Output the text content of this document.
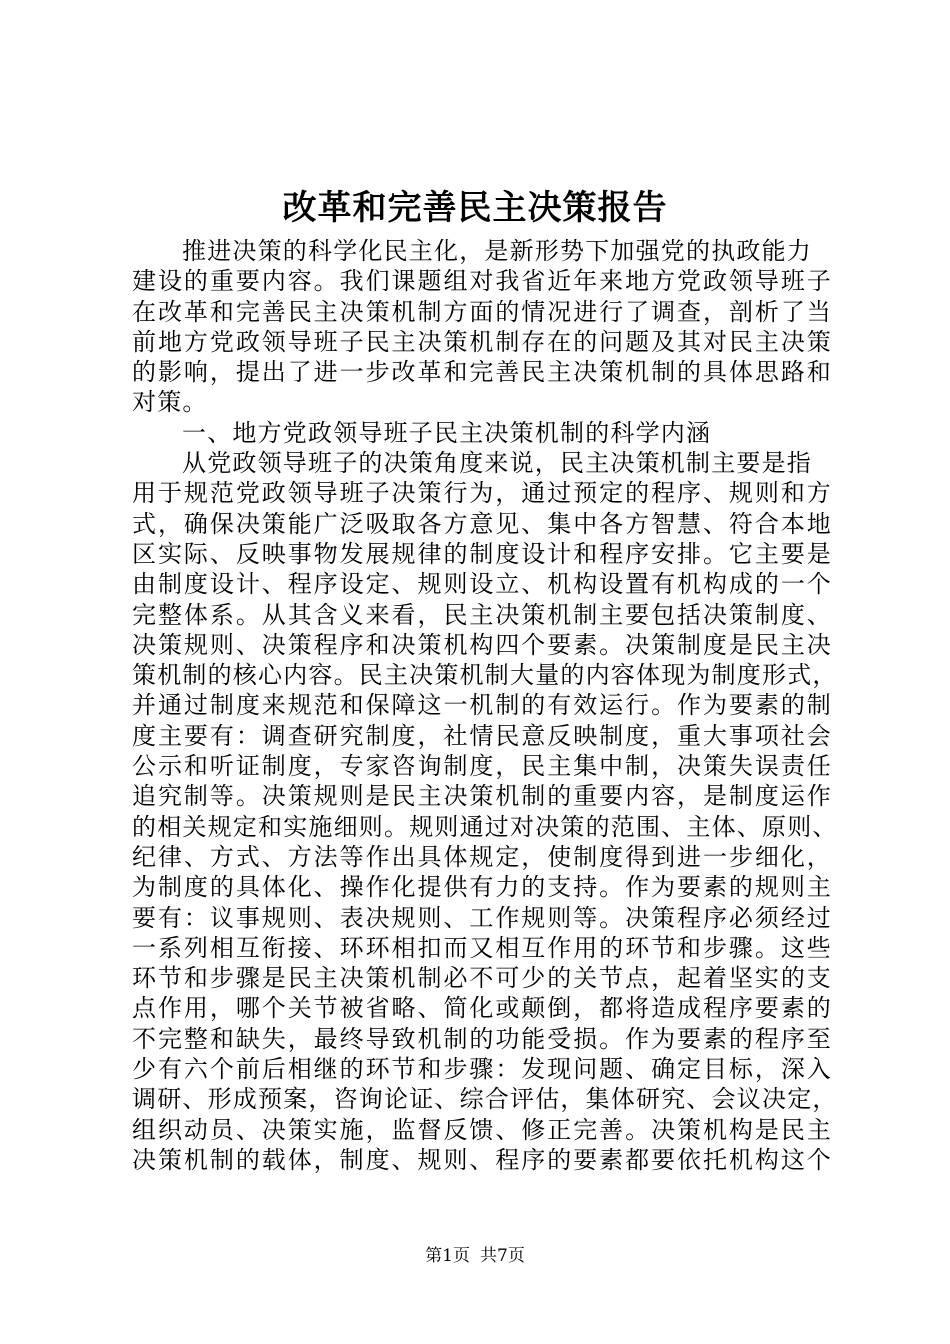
改革和完善民主决策报告
推进决策的科学化民主化，是新形势下加强党的执政能力
建设的重要内容。我们课题组对我省近年来地方党政领导班子
在改革和完善民主决策机制方面的情况进行了调查，剖析了当
前地方党政领导班子民主决策机制存在的问题及其对民主决策
的影响，提出了进一步改革和完善民主决策机制的具体思路和
对策。
一、地方党政领导班子民主决策机制的科学内涵
从党政领导班子的决策角度来说，民主决策机制主要是指
用于规范党政领导班子决策行为，通过预定的程序、规则和方
式，确保决策能广泛吸取各方意见、集中各方智慧、符合本地
区实际、反映事物发展规律的制度设计和程序安排。它主要是
由制度设计、程序设定、规则设立、机构设置有机构成的一个
完整体系。从其含义来看，民主决策机制主要包括决策制度、
决策规则、决策程序和决策机构四个要素。决策制度是民主决
策机制的核心内容。民主决策机制大量的内容体现为制度形式，
并通过制度来规范和保障这一机制的有效运行。作为要素的制
度主要有：调查研究制度，社情民意反映制度，重大事项社会
公示和听证制度，专家咨询制度，民主集中制，决策失误责任
追究制等。决策规则是民主决策机制的重要内容，是制度运作
的相关规定和实施细则。规则通过对决策的范围、主体、原则、
纪律、方式、方法等作出具体规定，使制度得到进一步细化，
为制度的具体化、操作化提供有力的支持。作为要素的规则主
要有：议事规则、表决规则、工作规则等。决策程序必须经过
一系列相互衔接、环环相扣而又相互作用的环节和步骤。这些
环节和步骤是民主决策机制必不可少的关节点，起着坚实的支
点作用，哪个关节被省略、简化或颠倒，都将造成程序要素的
不完整和缺失，最终导致机制的功能受损。作为要素的程序至
少有六个前后相继的环节和步骤：发现问题、确定目标，深入
调研、形成预案，咨询论证、综合评估，集体研究、会议决定，
组织动员、决策实施，监督反馈、修正完善。决策机构是民主
决策机制的载体，制度、规则、程序的要素都要依托机构这个
第1页 共7页
